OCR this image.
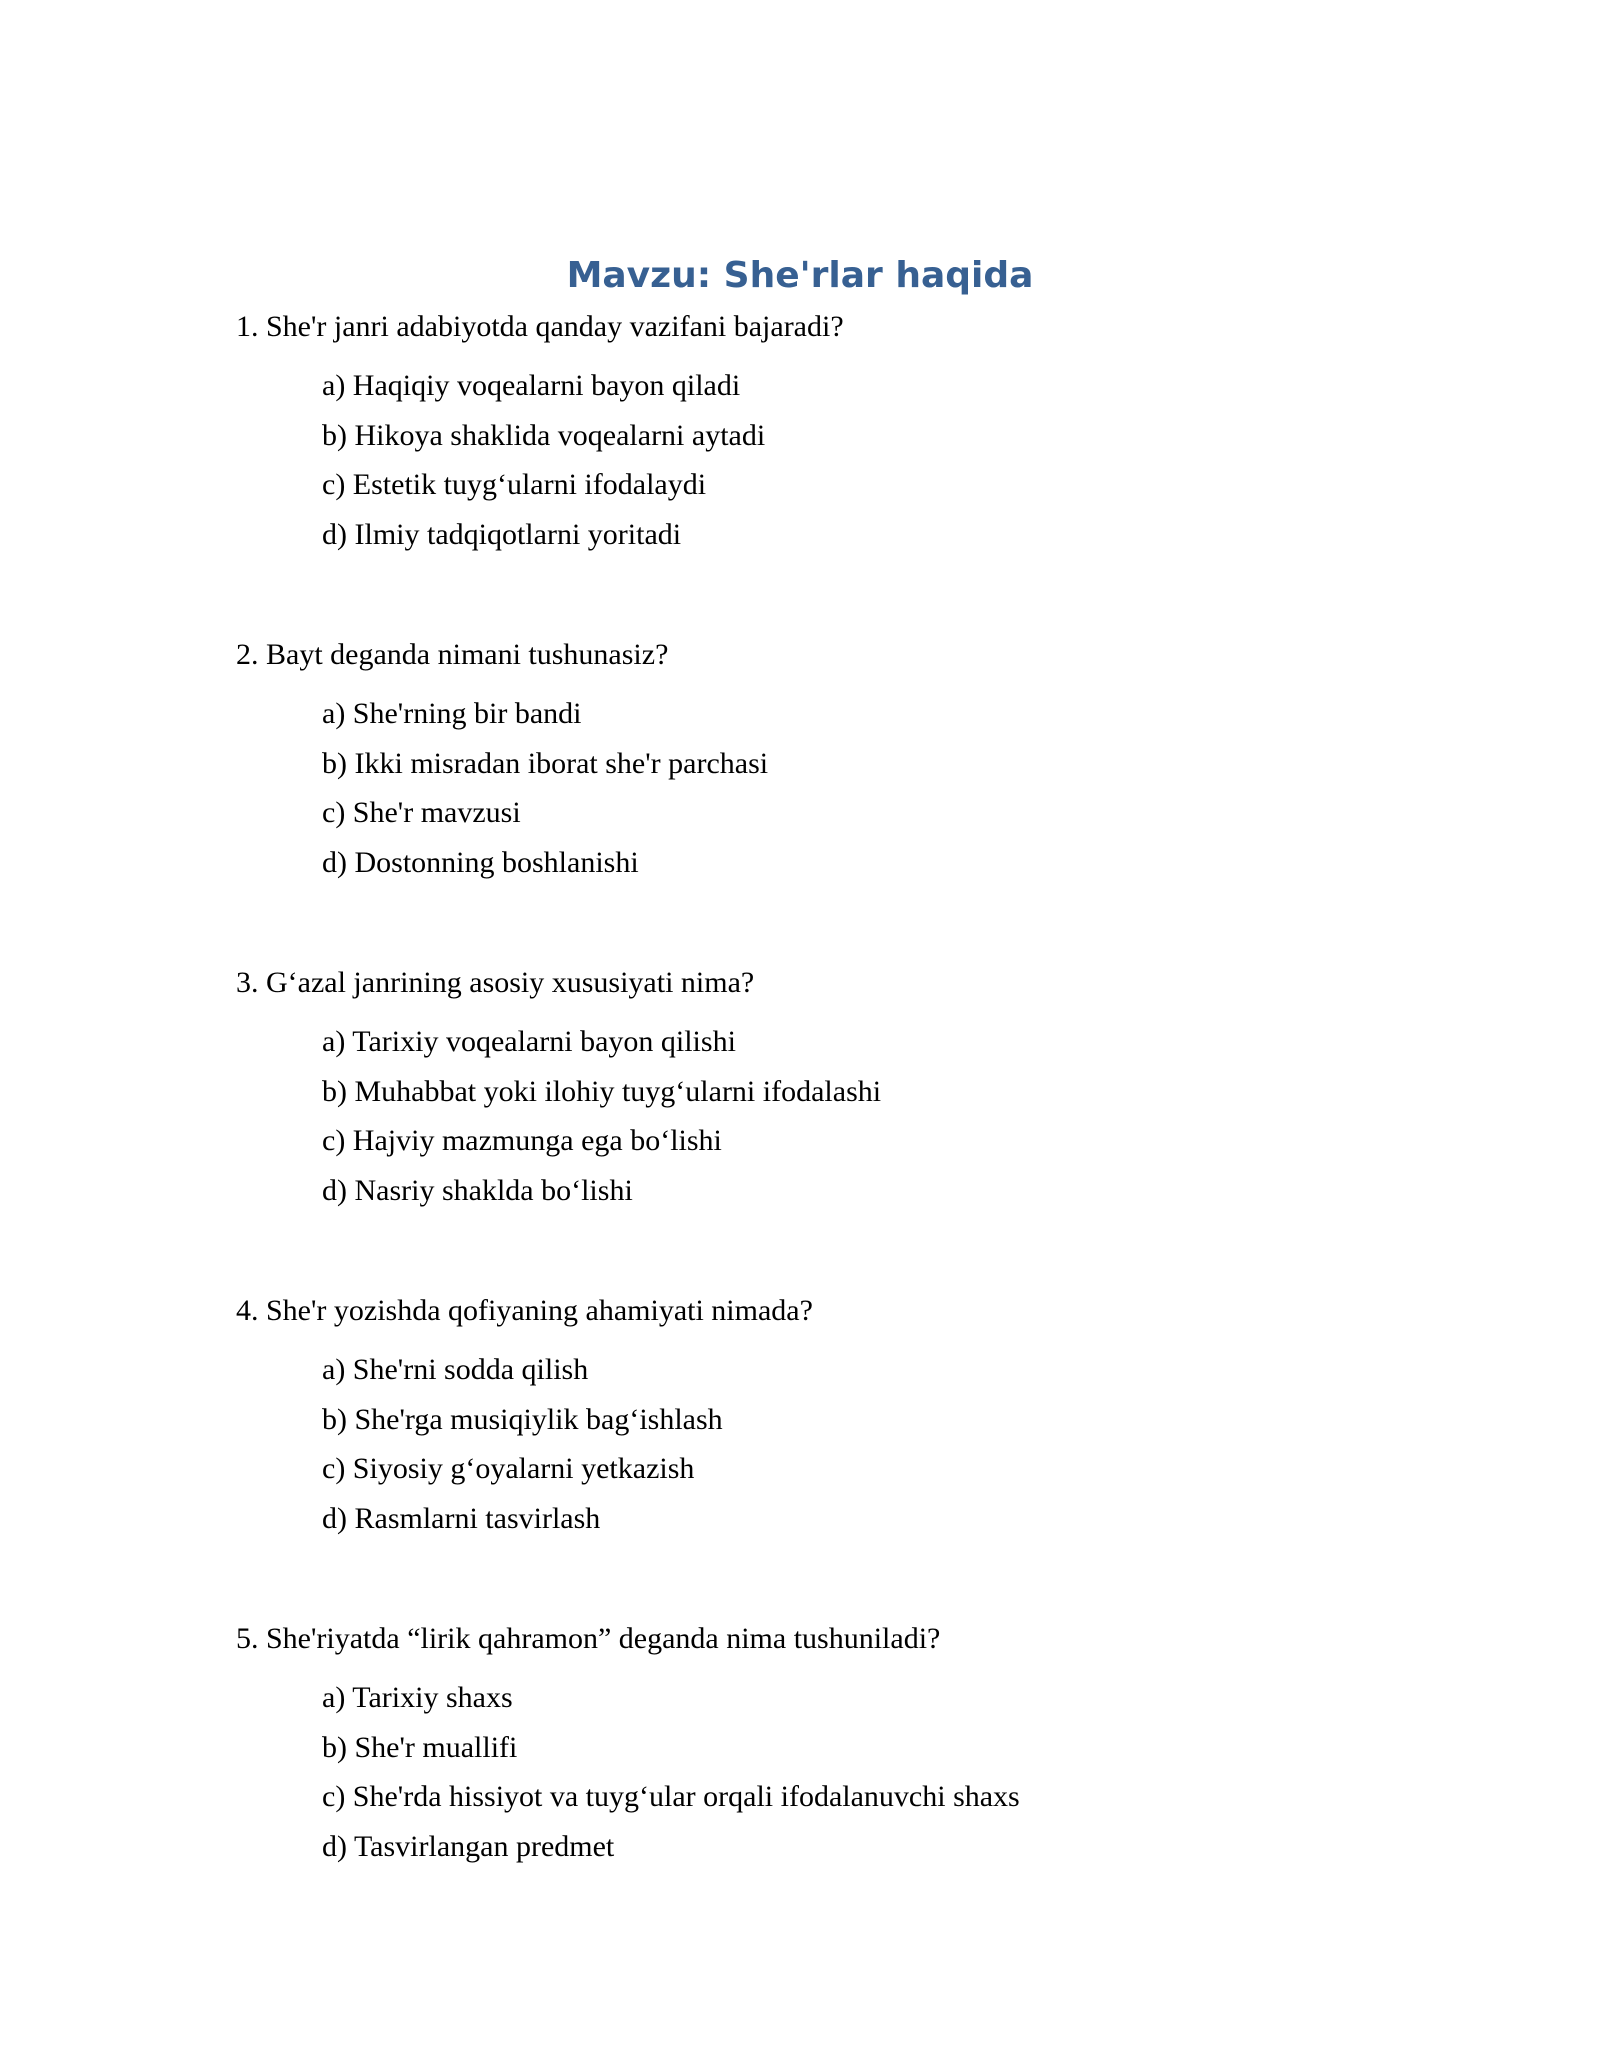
Mavzu: She'rlar haqida

1. She'r janri adabiyotda qanday vazifani bajaradi?

a) Haqiqiy voqealarni bayon qiladi
b) Hikoya shaklida voqealarni aytadi
c) Estetik tuyg‘ularni ifodalaydi
d) Ilmiy tadqiqotlarni yoritadi

2. Bayt deganda nimani tushunasiz?

a) She'rning bir bandi
b) Ikki misradan iborat she'r parchasi
c) She'r mavzusi
d) Dostonning boshlanishi

3. G‘azal janrining asosiy xususiyati nima?

a) Tarixiy voqealarni bayon qilishi
b) Muhabbat yoki ilohiy tuyg‘ularni ifodalashi
c) Hajviy mazmunga ega bo‘lishi
d) Nasriy shaklda bo‘lishi

4. She'r yozishda qofiyaning ahamiyati nimada?

a) She'rni sodda qilish
b) She'rga musiqiylik bag‘ishlash
c) Siyosiy g‘oyalarni yetkazish
d) Rasmlarni tasvirlash

5. She'riyatda “lirik qahramon” deganda nima tushuniladi?

a) Tarixiy shaxs
b) She'r muallifi
c) She'rda hissiyot va tuyg‘ular orqali ifodalanuvchi shaxs
d) Tasvirlangan predmet
